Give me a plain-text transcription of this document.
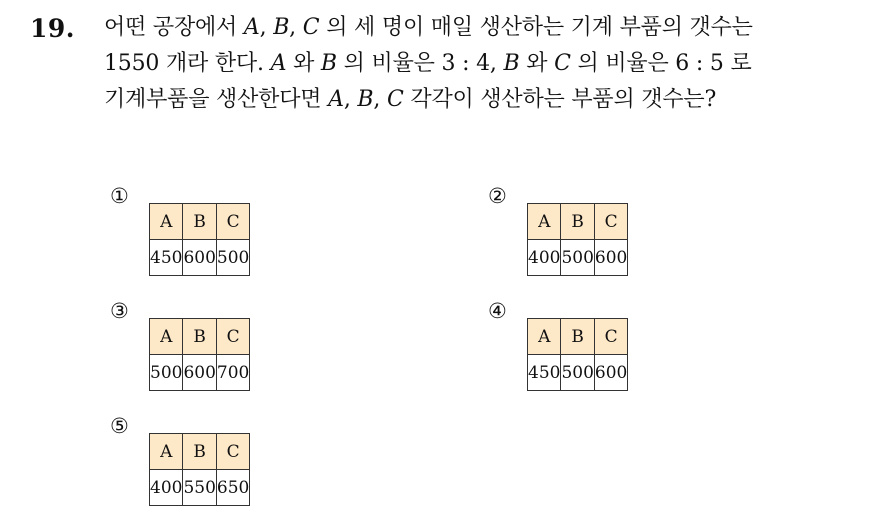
19. 어떤 공장에서 A, B, C 의 세 명이 매일 생산하는 기계 부품의 갯수는
1550 개라 한다. A 와 B 의 비율은 3 : 4, B 와 C 의 비율은 6 : 5 로
기계부품을 생산한다면 A, B, C 각각이 생산하는 부품의 갯수는?
①
A	B	C
450	600	500
②
A	B	C
400	500	600
③
A	B	C
500	600	700
④
A	B	C
450	500	600
⑤
A	B	C
400	550	650
